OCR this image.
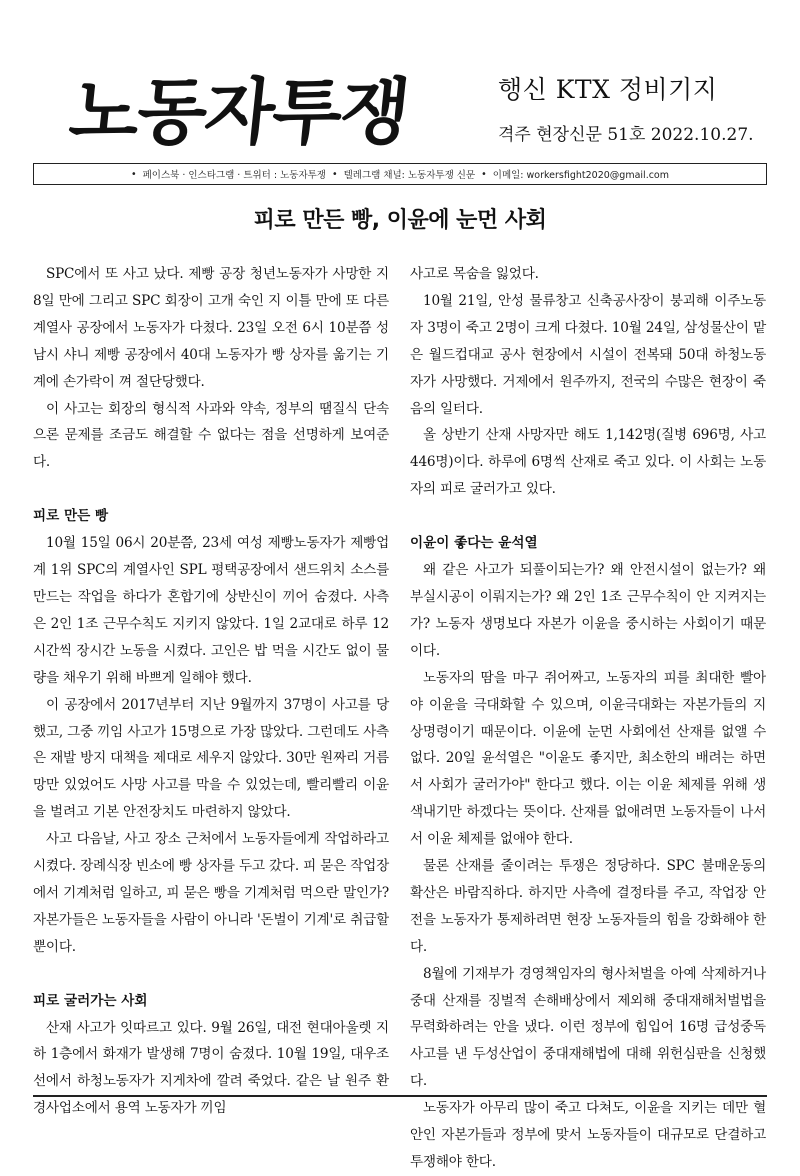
노동자투쟁	행신 KTX 정비기지
격주 현장신문 51호 2022.10.27.
• 페이스북 · 인스타그램 · 트위터 : 노동자투쟁 • 텔레그램 채널: 노동자투쟁 신문 • 이메일: workersfight2020@gmail.com
피로 만든 빵, 이윤에 눈먼 사회

SPC에서 또 사고 났다. 제빵 공장 청년노동자가 사망한 지 8일 만에 그리고 SPC 회장이 고개 숙인 지 이틀 만에 또 다른 계열사 공장에서 노동자가 다쳤다. 23일 오전 6시 10분쯤 성남시 샤니 제빵 공장에서 40대 노동자가 빵 상자를 옮기는 기계에 손가락이 껴 절단당했다.

이 사고는 회장의 형식적 사과와 약속, 정부의 땜질식 단속으론 문제를 조금도 해결할 수 없다는 점을 선명하게 보여준다.

피로 만든 빵

10월 15일 06시 20분쯤, 23세 여성 제빵노동자가 제빵업계 1위 SPC의 계열사인 SPL 평택공장에서 샌드위치 소스를 만드는 작업을 하다가 혼합기에 상반신이 끼어 숨졌다. 사측은 2인 1조 근무수칙도 지키지 않았다. 1일 2교대로 하루 12시간씩 장시간 노동을 시켰다. 고인은 밥 먹을 시간도 없이 물량을 채우기 위해 바쁘게 일해야 했다.

이 공장에서 2017년부터 지난 9월까지 37명이 사고를 당했고, 그중 끼임 사고가 15명으로 가장 많았다. 그런데도 사측은 재발 방지 대책을 제대로 세우지 않았다. 30만 원짜리 거름망만 있었어도 사망 사고를 막을 수 있었는데, 빨리빨리 이윤을 벌려고 기본 안전장치도 마련하지 않았다.

사고 다음날, 사고 장소 근처에서 노동자들에게 작업하라고 시켰다. 장례식장 빈소에 빵 상자를 두고 갔다. 피 묻은 작업장에서 기계처럼 일하고, 피 묻은 빵을 기계처럼 먹으란 말인가? 자본가들은 노동자들을 사람이 아니라 '돈벌이 기계'로 취급할 뿐이다.

피로 굴러가는 사회

산재 사고가 잇따르고 있다. 9월 26일, 대전 현대아울렛 지하 1층에서 화재가 발생해 7명이 숨졌다. 10월 19일, 대우조선에서 하청노동자가 지게차에 깔려 죽었다. 같은 날 원주 환경사업소에서 용역 노동자가 끼임

사고로 목숨을 잃었다.

10월 21일, 안성 물류창고 신축공사장이 붕괴해 이주노동자 3명이 죽고 2명이 크게 다쳤다. 10월 24일, 삼성물산이 맡은 월드컵대교 공사 현장에서 시설이 전복돼 50대 하청노동자가 사망했다. 거제에서 원주까지, 전국의 수많은 현장이 죽음의 일터다.

올 상반기 산재 사망자만 해도 1,142명(질병 696명, 사고 446명)이다. 하루에 6명씩 산재로 죽고 있다. 이 사회는 노동자의 피로 굴러가고 있다.

이윤이 좋다는 윤석열

왜 같은 사고가 되풀이되는가? 왜 안전시설이 없는가? 왜 부실시공이 이뤄지는가? 왜 2인 1조 근무수칙이 안 지켜지는가? 노동자 생명보다 자본가 이윤을 중시하는 사회이기 때문이다.

노동자의 땀을 마구 쥐어짜고, 노동자의 피를 최대한 빨아야 이윤을 극대화할 수 있으며, 이윤극대화는 자본가들의 지상명령이기 때문이다. 이윤에 눈먼 사회에선 산재를 없앨 수 없다. 20일 윤석열은 "이윤도 좋지만, 최소한의 배려는 하면서 사회가 굴러가야" 한다고 했다. 이는 이윤 체제를 위해 생색내기만 하겠다는 뜻이다. 산재를 없애려면 노동자들이 나서서 이윤 체제를 없애야 한다.

물론 산재를 줄이려는 투쟁은 정당하다. SPC 불매운동의 확산은 바람직하다. 하지만 사측에 결정타를 주고, 작업장 안전을 노동자가 통제하려면 현장 노동자들의 힘을 강화해야 한다.

8월에 기재부가 경영책임자의 형사처벌을 아예 삭제하거나 중대 산재를 징벌적 손해배상에서 제외해 중대재해처벌법을 무력화하려는 안을 냈다. 이런 정부에 힘입어 16명 급성중독 사고를 낸 두성산업이 중대재해법에 대해 위헌심판을 신청했다.

노동자가 아무리 많이 죽고 다쳐도, 이윤을 지키는 데만 혈안인 자본가들과 정부에 맞서 노동자들이 대규모로 단결하고 투쟁해야 한다.
